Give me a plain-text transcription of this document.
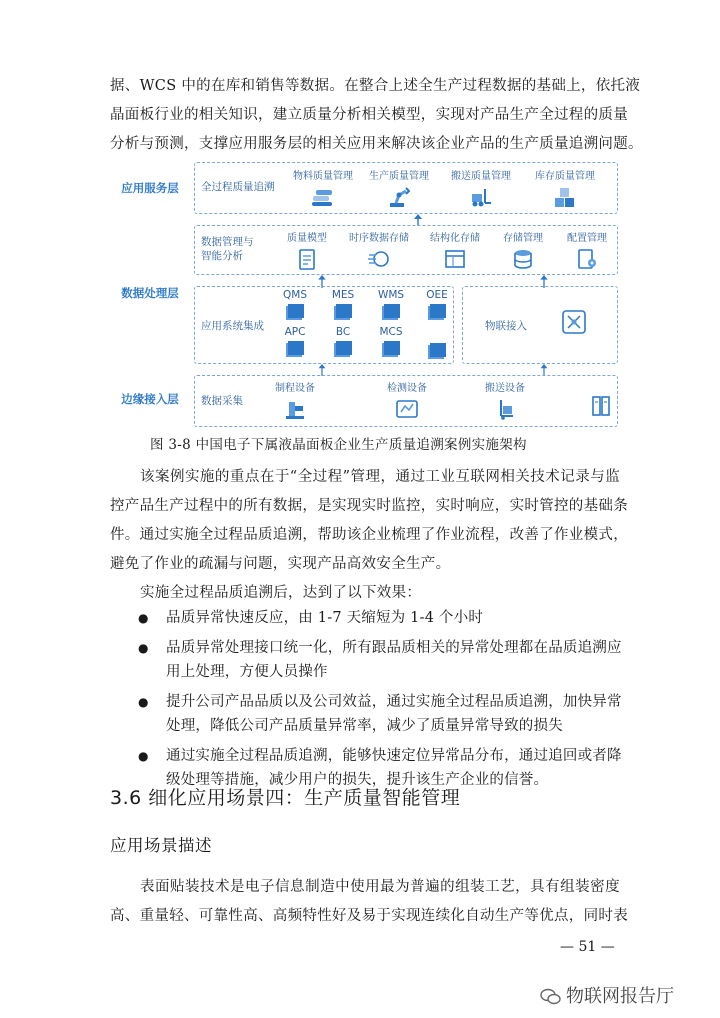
据、WCS 中的在库和销售等数据。在整合上述全生产过程数据的基础上，依托液
晶面板行业的相关知识，建立质量分析相关模型，实现对产品生产全过程的质量
分析与预测，支撑应用服务层的相关应用来解决该企业产品的生产质量追溯问题。
应用服务层
数据处理层
边缘接入层
全过程质量追溯
物料质量管理 生产质量管理 搬送质量管理 库存质量管理
数据管理与
智能分析
质量模型	时序数据存储	结构化存储	存储管理	配置管理
应用系统集成
QMS	MES	WMS	OEE
APC	BC	MCS	物联接入
数据采集
制程设备	检测设备	搬送设备
图 3-8 中国电子下属液晶面板企业生产质量追溯案例实施架构
该案例实施的重点在于“全过程”管理，通过工业互联网相关技术记录与监
控产品生产过程中的所有数据，是实现实时监控，实时响应，实时管控的基础条
件。通过实施全过程品质追溯，帮助该企业梳理了作业流程，改善了作业模式，
避免了作业的疏漏与问题，实现产品高效安全生产。
实施全过程品质追溯后，达到了以下效果：
● 品质异常快速反应，由 1-7 天缩短为 1-4 个小时
● 品质异常处理接口统一化，所有跟品质相关的异常处理都在品质追溯应
用上处理，方便人员操作
● 提升公司产品品质以及公司效益，通过实施全过程品质追溯，加快异常
处理，降低公司产品质量异常率，减少了质量异常导致的损失
● 通过实施全过程品质追溯，能够快速定位异常品分布，通过追回或者降
级处理等措施，减少用户的损失，提升该生产企业的信誉。
3.6 细化应用场景四：生产质量智能管理
应用场景描述
表面贴装技术是电子信息制造中使用最为普遍的组装工艺，具有组装密度
高、重量轻、可靠性高、高频特性好及易于实现连续化自动生产等优点，同时表
— 51 —
物联网报告厅
